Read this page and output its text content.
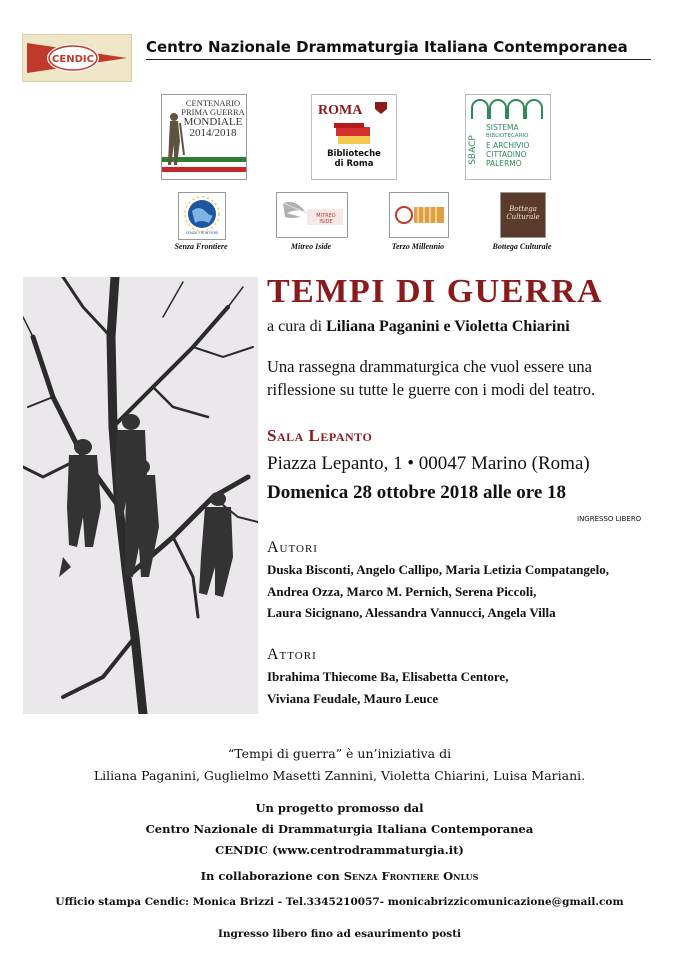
CENDIC
Centro Nazionale Drammaturgia Italiana Contemporanea
CENTENARIO
PRIMA GUERRA
MONDIALE
2014/2018
ROMA
Biblioteche
di Roma	SBACP
SISTEMA
BIBLIOTECARIO
E ARCHIVIO
CITTADINO
PALERMO
SENZA FRONTIERE
Senza Frontiere
MITREO ISIDE
Mitreo Iside	Terzo Millennio
Bottega Culturale
Bottega Culturale
TEMPI DI GUERRA
a cura di Liliana Paganini e Violetta Chiarini
Una rassegna drammaturgica che vuol essere una
riflessione su tutte le guerre con i modi del teatro.
Sala Lepanto
Piazza Lepanto, 1 • 00047 Marino (Roma)
Domenica 28 ottobre 2018 alle ore 18
INGRESSO LIBERO
Autori
Duska Bisconti, Angelo Callipo, Maria Letizia Compatangelo,
Andrea Ozza, Marco M. Pernich, Serena Piccoli,
Laura Sicignano, Alessandra Vannucci, Angela Villa
Attori
Ibrahima Thiecome Ba, Elisabetta Centore,
Viviana Feudale, Mauro Leuce
“Tempi di guerra” è un’iniziativa di
Liliana Paganini, Guglielmo Masetti Zannini, Violetta Chiarini, Luisa Mariani.
Un progetto promosso dal
Centro Nazionale di Drammaturgia Italiana Contemporanea
CENDIC (www.centrodrammaturgia.it)
In collaborazione con Senza Frontiere Onlus
Ufficio stampa Cendic: Monica Brizzi - Tel.3345210057- monicabrizzicomunicazione@gmail.com
Ingresso libero fino ad esaurimento posti
